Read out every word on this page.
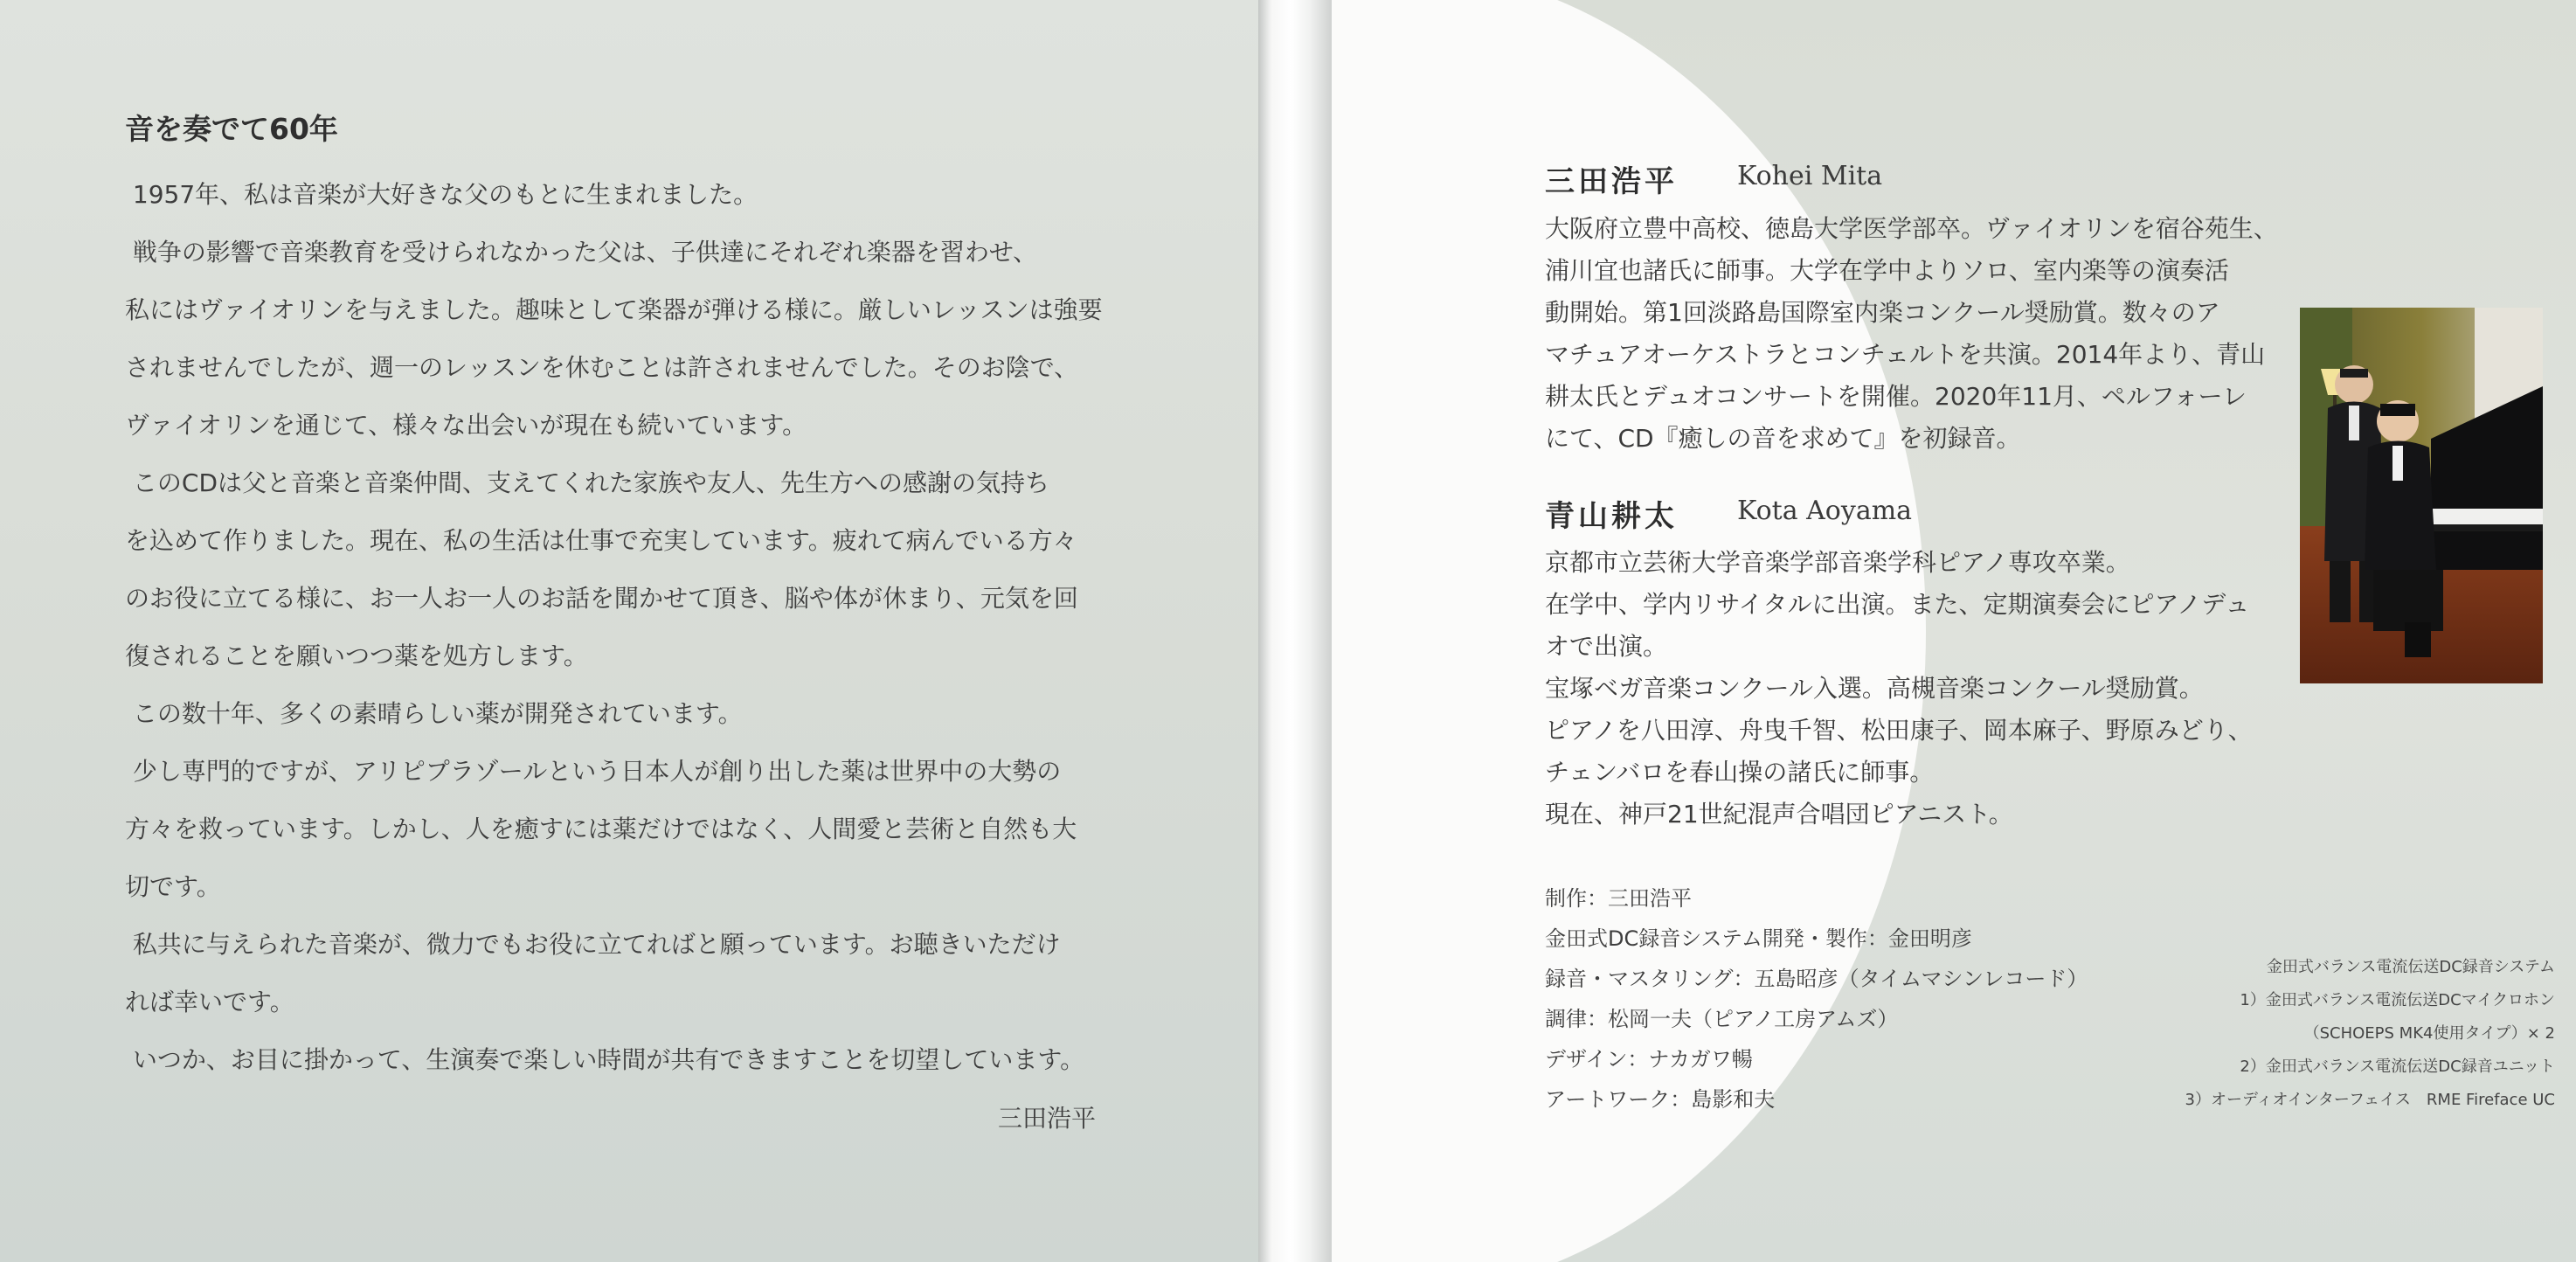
音を奏でて60年

1957年、私は音楽が大好きな父のもとに生まれました。

戦争の影響で音楽教育を受けられなかった父は、子供達にそれぞれ楽器を習わせ、

私にはヴァイオリンを与えました。趣味として楽器が弾ける様に。厳しいレッスンは強要

されませんでしたが、週一のレッスンを休むことは許されませんでした。そのお陰で、

ヴァイオリンを通じて、様々な出会いが現在も続いています。

このCDは父と音楽と音楽仲間、支えてくれた家族や友人、先生方への感謝の気持ち

を込めて作りました。現在、私の生活は仕事で充実しています。疲れて病んでいる方々

のお役に立てる様に、お一人お一人のお話を聞かせて頂き、脳や体が休まり、元気を回

復されることを願いつつ薬を処方します。

この数十年、多くの素晴らしい薬が開発されています。

少し専門的ですが、アリピプラゾールという日本人が創り出した薬は世界中の大勢の

方々を救っています。しかし、人を癒すには薬だけではなく、人間愛と芸術と自然も大

切です。

私共に与えられた音楽が、微力でもお役に立てればと願っています。お聴きいただけ

れば幸いです。

いつか、お目に掛かって、生演奏で楽しい時間が共有できますことを切望しています。

三田浩平
三田浩平 Kohei Mita
大阪府立豊中高校、徳島大学医学部卒。ヴァイオリンを宿谷苑生、
浦川宜也諸氏に師事。大学在学中よりソロ、室内楽等の演奏活
動開始。第1回淡路島国際室内楽コンクール奨励賞。数々のア
マチュアオーケストラとコンチェルトを共演。2014年より、青山
耕太氏とデュオコンサートを開催。2020年11月、ペルフォーレ
にて、CD『癒しの音を求めて』を初録音。
青山耕太 Kota Aoyama
京都市立芸術大学音楽学部音楽学科ピアノ専攻卒業。
在学中、学内リサイタルに出演。また、定期演奏会にピアノデュ
オで出演。
宝塚ベガ音楽コンクール入選。高槻音楽コンクール奨励賞。
ピアノを八田淳、舟曳千智、松田康子、岡本麻子、野原みどり、
チェンバロを春山操の諸氏に師事。
現在、神戸21世紀混声合唱団ピアニスト。
制作：三田浩平
金田式DC録音システム開発・製作：金田明彦
録音・マスタリング：五島昭彦（タイムマシンレコード）
調律：松岡一夫（ピアノ工房アムズ）
デザイン：ナカガワ暢
アートワーク：島影和夫
金田式バランス電流伝送DC録音システム
1）金田式バランス電流伝送DCマイクロホン
（SCHOEPS MK4使用タイプ）× 2
2）金田式バランス電流伝送DC録音ユニット
3）オーディオインターフェイス　RME Fireface UC
